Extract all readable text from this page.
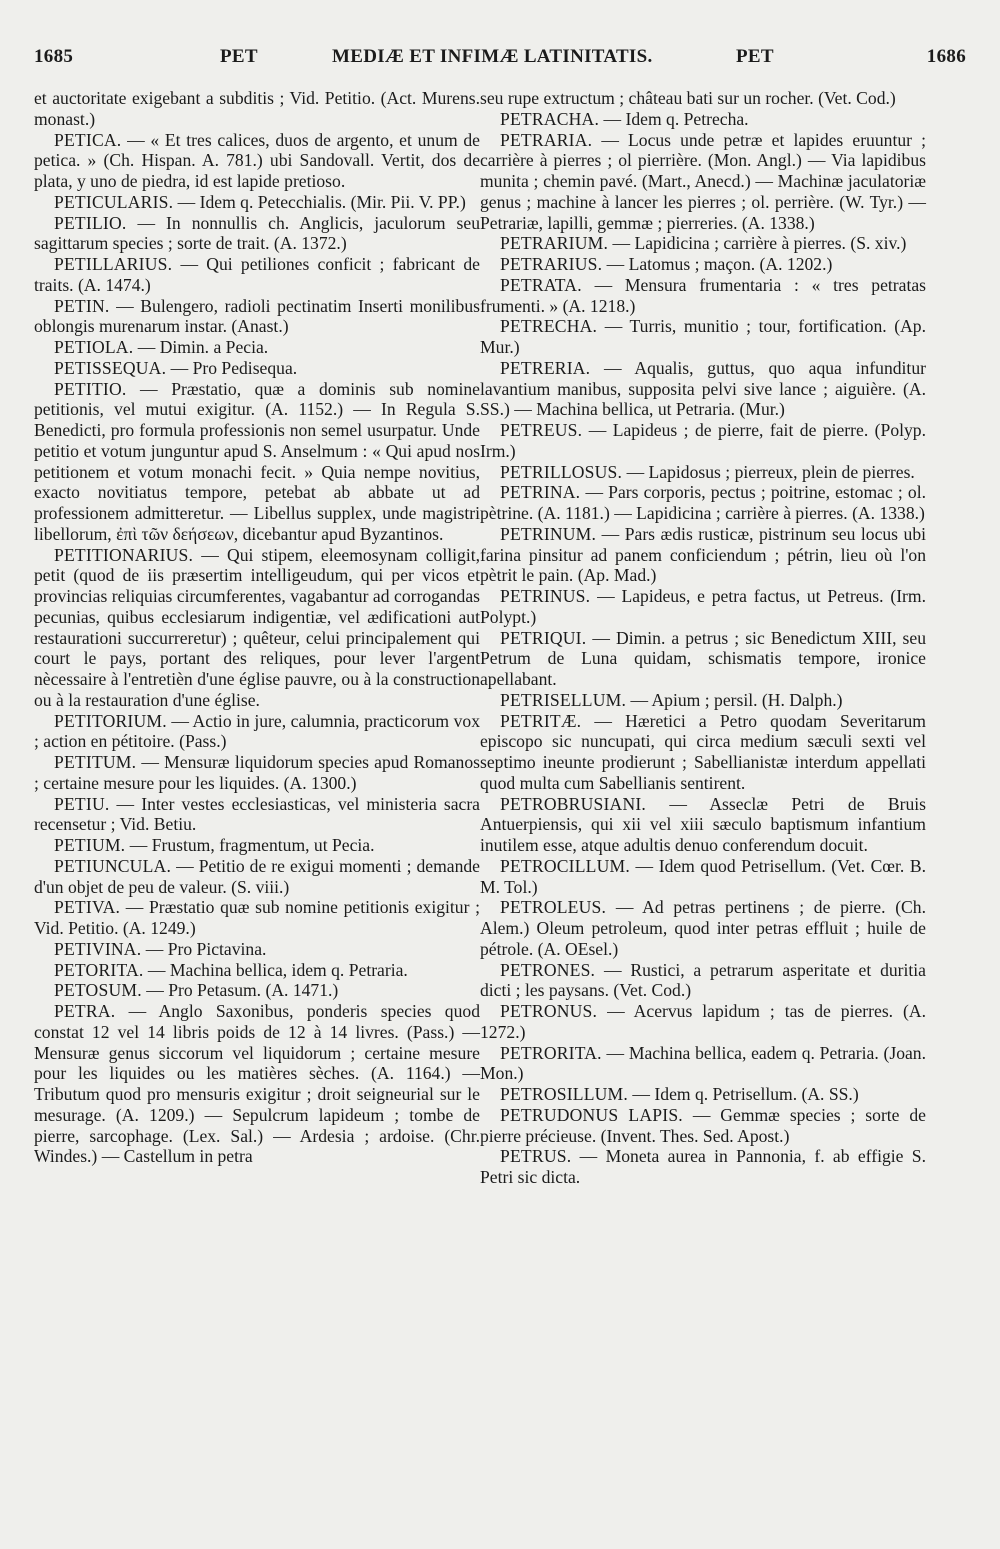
1685	PET	MEDIÆ ET INFIMÆ LATINITATIS.	PET	1686

et auctoritate exigebant a subditis ; Vid. Petitio. (Act. Murens. monast.)

PETICA. — « Et tres calices, duos de argento, et unum de petica. » (Ch. Hispan. A. 781.) ubi Sandovall. Vertit, dos de plata, y uno de piedra, id est lapide pretioso.

PETICULARIS. — Idem q. Petecchialis. (Mir. Pii. V. PP.)

PETILIO. — In nonnullis ch. Anglicis, jaculorum seu sagittarum species ; sorte de trait. (A. 1372.)

PETILLARIUS. — Qui petiliones conficit ; fabricant de traits. (A. 1474.)

PETIN. — Bulengero, radioli pectinatim Inserti monilibus oblongis murenarum instar. (Anast.)

PETIOLA. — Dimin. a Pecia.

PETISSEQUA. — Pro Pedisequa.

PETITIO. — Præstatio, quæ a dominis sub nomine petitionis, vel mutui exigitur. (A. 1152.) — In Regula S. Benedicti, pro formula professionis non semel usurpatur. Unde petitio et votum junguntur apud S. Anselmum : « Qui apud nos petitionem et votum monachi fecit. » Quia nempe novitius, exacto novitiatus tempore, petebat ab abbate ut ad professionem admitteretur. — Libellus supplex, unde magistri libellorum, ἐπὶ τῶν δεήσεων, dicebantur apud Byzantinos.

PETITIONARIUS. — Qui stipem, eleemosynam colligit, petit (quod de iis præsertim intelligeudum, qui per vicos et provincias reliquias circumferentes, vagabantur ad corrogandas pecunias, quibus ecclesiarum indigentiæ, vel ædificationi aut restaurationi succurreretur) ; quêteur, celui principalement qui court le pays, portant des reliques, pour lever l'argent nècessaire à l'entretièn d'une église pauvre, ou à la construction ou à la restauration d'une église.

PETITORIUM. — Actio in jure, calumnia, practicorum vox ; action en pétitoire. (Pass.)

PETITUM. — Mensuræ liquidorum species apud Romanos ; certaine mesure pour les liquides. (A. 1300.)

PETIU. — Inter vestes ecclesiasticas, vel ministeria sacra recensetur ; Vid. Betiu.

PETIUM. — Frustum, fragmentum, ut Pecia.

PETIUNCULA. — Petitio de re exigui momenti ; demande d'un objet de peu de valeur. (S. viii.)

PETIVA. — Præstatio quæ sub nomine petitionis exigitur ; Vid. Petitio. (A. 1249.)

PETIVINA. — Pro Pictavina.

PETORITA. — Machina bellica, idem q. Petraria.

PETOSUM. — Pro Petasum. (A. 1471.)

PETRA. — Anglo Saxonibus, ponderis species quod constat 12 vel 14 libris poids de 12 à 14 livres. (Pass.) — Mensuræ genus siccorum vel liquidorum ; certaine mesure pour les liquides ou les matières sèches. (A. 1164.) — Tributum quod pro mensuris exigitur ; droit seigneurial sur le mesurage. (A. 1209.) — Sepulcrum lapideum ; tombe de pierre, sarcophage. (Lex. Sal.) — Ardesia ; ardoise. (Chr. Windes.) — Castellum in petra

seu rupe extructum ; château bati sur un rocher. (Vet. Cod.)

PETRACHA. — Idem q. Petrecha.

PETRARIA. — Locus unde petræ et lapides eruuntur ; carrière à pierres ; ol pierrière. (Mon. Angl.) — Via lapidibus munita ; chemin pavé. (Mart., Anecd.) — Machinæ jaculatoriæ genus ; machine à lancer les pierres ; ol. perrière. (W. Tyr.) — Petrariæ, lapilli, gemmæ ; pierreries. (A. 1338.)

PETRARIUM. — Lapidicina ; carrière à pierres. (S. xiv.)

PETRARIUS. — Latomus ; maçon. (A. 1202.)

PETRATA. — Mensura frumentaria : « tres petratas frumenti. » (A. 1218.)

PETRECHA. — Turris, munitio ; tour, fortification. (Ap. Mur.)

PETRERIA. — Aqualis, guttus, quo aqua infunditur lavantium manibus, supposita pelvi sive lance ; aiguière. (A. SS.) — Machina bellica, ut Petraria. (Mur.)

PETREUS. — Lapideus ; de pierre, fait de pierre. (Polyp. Irm.)

PETRILLOSUS. — Lapidosus ; pierreux, plein de pierres.

PETRINA. — Pars corporis, pectus ; poitrine, estomac ; ol. pètrine. (A. 1181.) — Lapidicina ; carrière à pierres. (A. 1338.)

PETRINUM. — Pars ædis rusticæ, pistrinum seu locus ubi farina pinsitur ad panem conficiendum ; pétrin, lieu où l'on pètrit le pain. (Ap. Mad.)

PETRINUS. — Lapideus, e petra factus, ut Petreus. (Irm. Polypt.)

PETRIQUI. — Dimin. a petrus ; sic Benedictum XIII, seu Petrum de Luna quidam, schismatis tempore, ironice apellabant.

PETRISELLUM. — Apium ; persil. (H. Dalph.)

PETRITÆ. — Hæretici a Petro quodam Severitarum episcopo sic nuncupati, qui circa medium sæculi sexti vel septimo ineunte prodierunt ; Sabellianistæ interdum appellati quod multa cum Sabellianis sentirent.

PETROBRUSIANI. — Asseclæ Petri de Bruis Antuerpiensis, qui xii vel xiii sæculo baptismum infantium inutilem esse, atque adultis denuo conferendum docuit.

PETROCILLUM. — Idem quod Petrisellum. (Vet. Cœr. B. M. Tol.)

PETROLEUS. — Ad petras pertinens ; de pierre. (Ch. Alem.) Oleum petroleum, quod inter petras effluit ; huile de pétrole. (A. OEsel.)

PETRONES. — Rustici, a petrarum asperitate et duritia dicti ; les paysans. (Vet. Cod.)

PETRONUS. — Acervus lapidum ; tas de pierres. (A. 1272.)

PETRORITA. — Machina bellica, eadem q. Petraria. (Joan. Mon.)

PETROSILLUM. — Idem q. Petrisellum. (A. SS.)

PETRUDONUS LAPIS. — Gemmæ species ; sorte de pierre précieuse. (Invent. Thes. Sed. Apost.)

PETRUS. — Moneta aurea in Pannonia, f. ab effigie S. Petri sic dicta.
